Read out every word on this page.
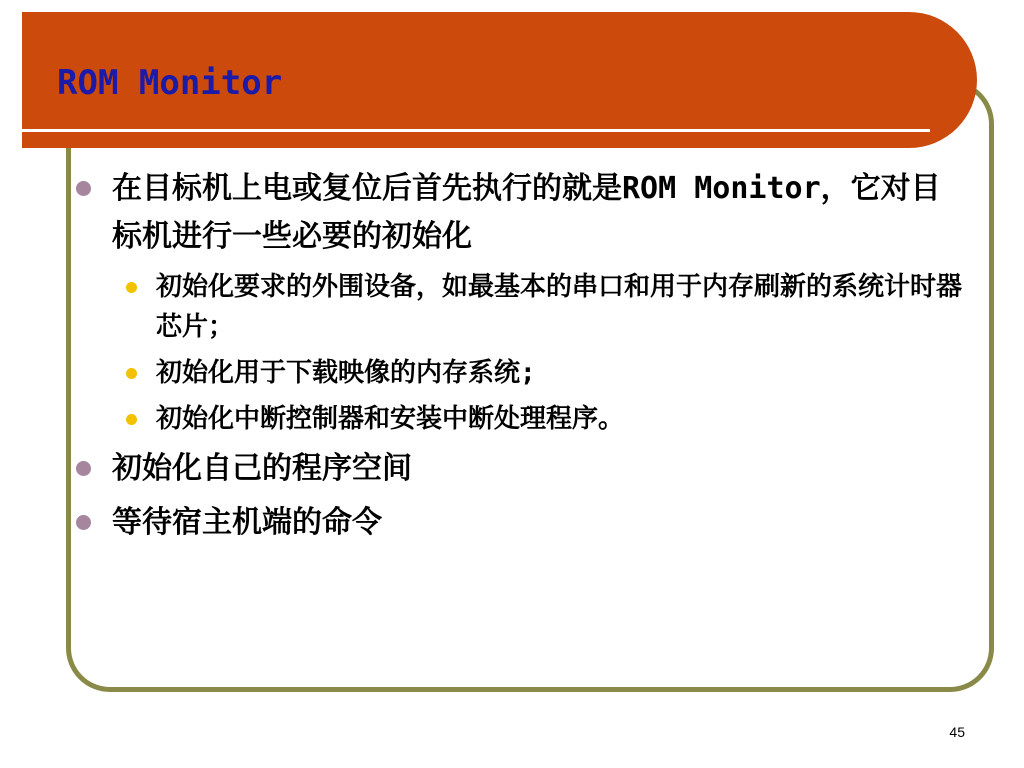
ROM Monitor
在目标机上电或复位后首先执行的就是ROM Monitor，它对目标机进行一些必要的初始化
初始化要求的外围设备，如最基本的串口和用于内存刷新的系统计时器芯片；
初始化用于下载映像的内存系统;
初始化中断控制器和安装中断处理程序。
初始化自己的程序空间
等待宿主机端的命令
45
